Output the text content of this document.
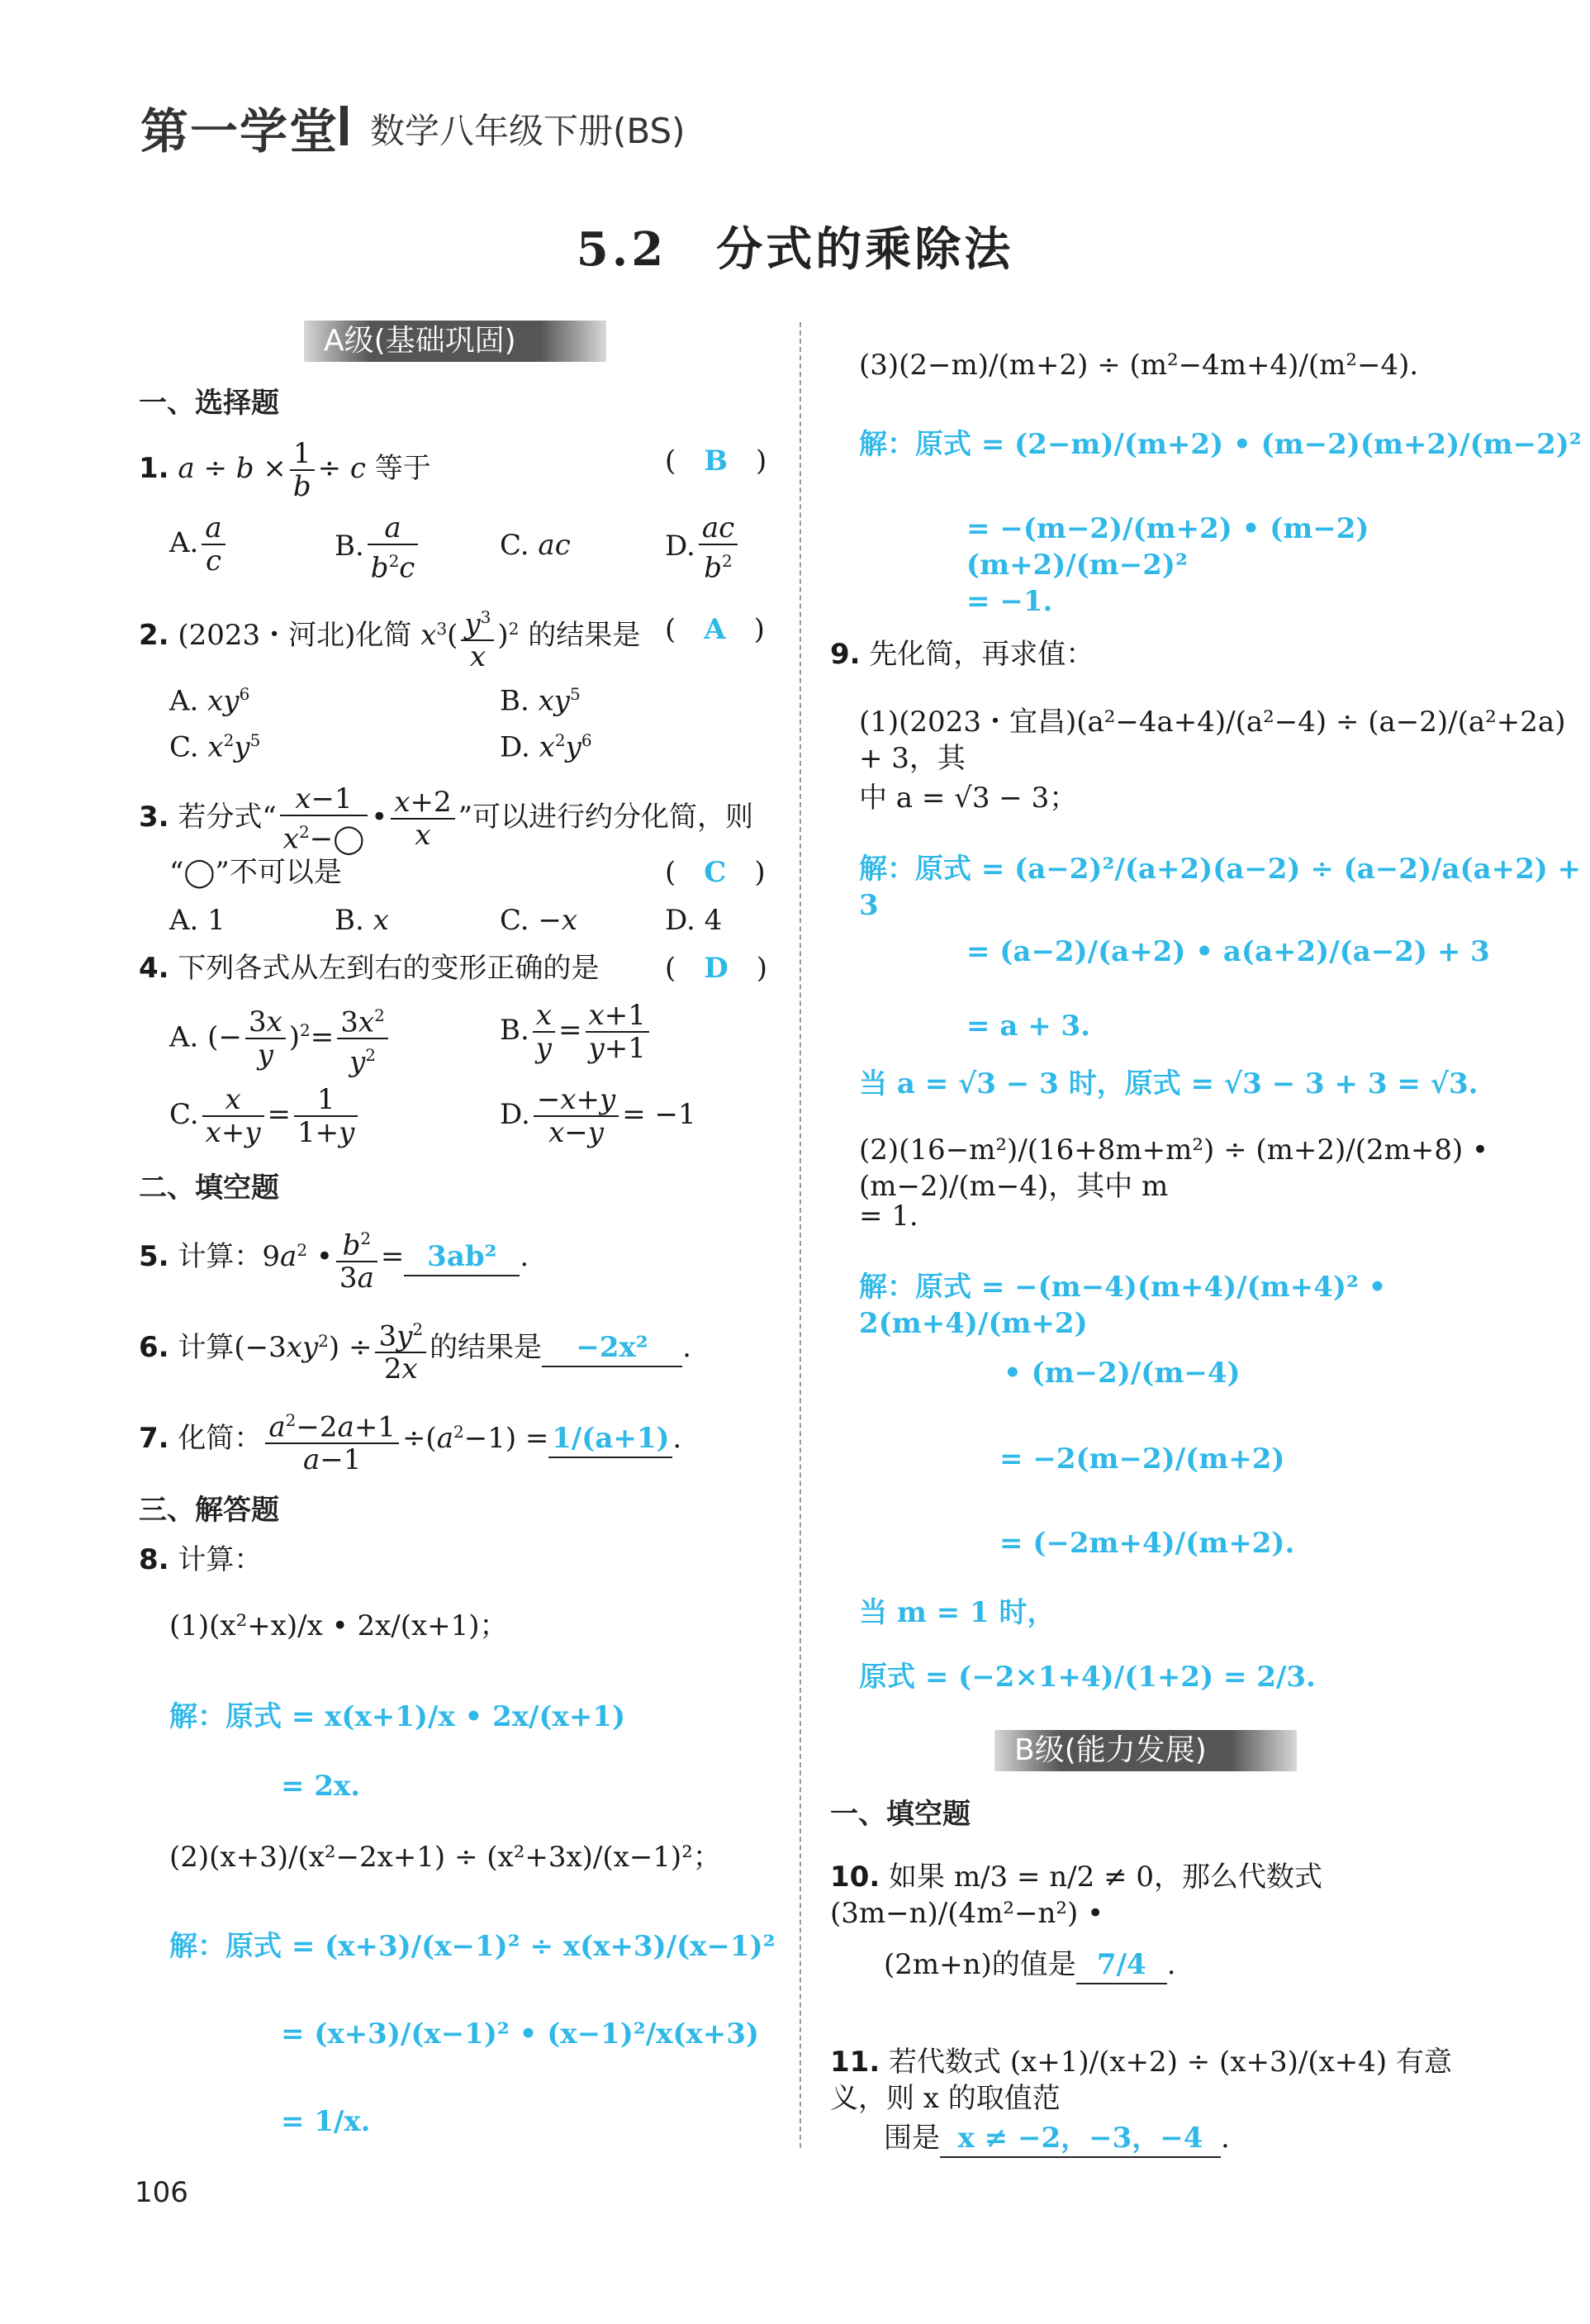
第一学堂 数学八年级下册(BS)
5.2　分式的乘除法
A级(基础巩固)
一、选择题
1. $a \div b \times \frac{1}{b} \div c$ 等于	(　B　)
A. $\frac{a}{c}$	B. $\frac{a}{b^2c}$	C. ac	D. $\frac{ac}{b^2}$
2. (2023・河北)化简 $x^3( \frac{y^3}{x} )^2$ 的结果是 (　A　)
A. $xy^6$	B. $xy^5$
C. $x^2y^5$	D. $x^2y^6$
3. 若分式“ $\frac{x-1}{x^2-◯}$ • $\frac{x+2}{x}$ ”可以进行约分化简，则
“◯”不可以是	(　C　)
A. 1	B. x	C. −x	D. 4
4. 下列各式从左到右的变形正确的是 (　D　)
A. (− $\frac{3x}{y} )^2= \frac{3x^2}{y^2}$	B. $\frac{x}{y} = \frac{x+1}{y+1}$
C. $\frac{x}{x+y} = \frac{1}{1+y}$	D. $\frac{-x+y}{x-y} = -1$
二、填空题
5. 计算：$9a^2$ • $\frac{b^2}{3a} = 3ab^2$ .
6. 计算$(-3xy^2) \div \frac{3y^2}{2x}$ 的结果是 −2x² .
7. 化简： $\frac{a^2-2a+1}{a-1} \div(a^2-1) = 1/(a+1)$ .
三、解答题
8. 计算：
(1)(x²+x)/x • 2x/(x+1)；
解：原式 = x(x+1)/x • 2x/(x+1)
= 2x.
(2)(x+3)/(x²−2x+1) ÷ (x²+3x)/(x−1)²；
解：原式 = (x+3)/(x−1)² ÷ x(x+3)/(x−1)²
= (x+3)/(x−1)² • (x−1)²/x(x+3)
= 1/x.
106
(3)(2−m)/(m+2) ÷ (m²−4m+4)/(m²−4).
解：原式 = (2−m)/(m+2) • (m−2)(m+2)/(m−2)²
= −(m−2)/(m+2) • (m−2)(m+2)/(m−2)²
= −1.
9. 先化简，再求值：
(1)(2023・宜昌)(a²−4a+4)/(a²−4) ÷ (a−2)/(a²+2a) + 3，其
中 a = √3 − 3；
解：原式 = (a−2)²/(a+2)(a−2) ÷ (a−2)/a(a+2) + 3
= (a−2)/(a+2) • a(a+2)/(a−2) + 3
= a + 3.
当 a = √3 − 3 时，原式 = √3 − 3 + 3 = √3.
(2)(16−m²)/(16+8m+m²) ÷ (m+2)/(2m+8) • (m−2)/(m−4)，其中 m
= 1.
解：原式 = −(m−4)(m+4)/(m+4)² • 2(m+4)/(m+2)
• (m−2)/(m−4)
= −2(m−2)/(m+2)
= (−2m+4)/(m+2).
当 m = 1 时，
原式 = (−2×1+4)/(1+2) = 2/3.
B级(能力发展)
一、填空题
10. 如果 m/3 = n/2 ≠ 0，那么代数式 (3m−n)/(4m²−n²) •
(2m+n)的值是 7/4 .
11. 若代数式 (x+1)/(x+2) ÷ (x+3)/(x+4) 有意义，则 x 的取值范
围是 x ≠ −2，−3，−4 .
